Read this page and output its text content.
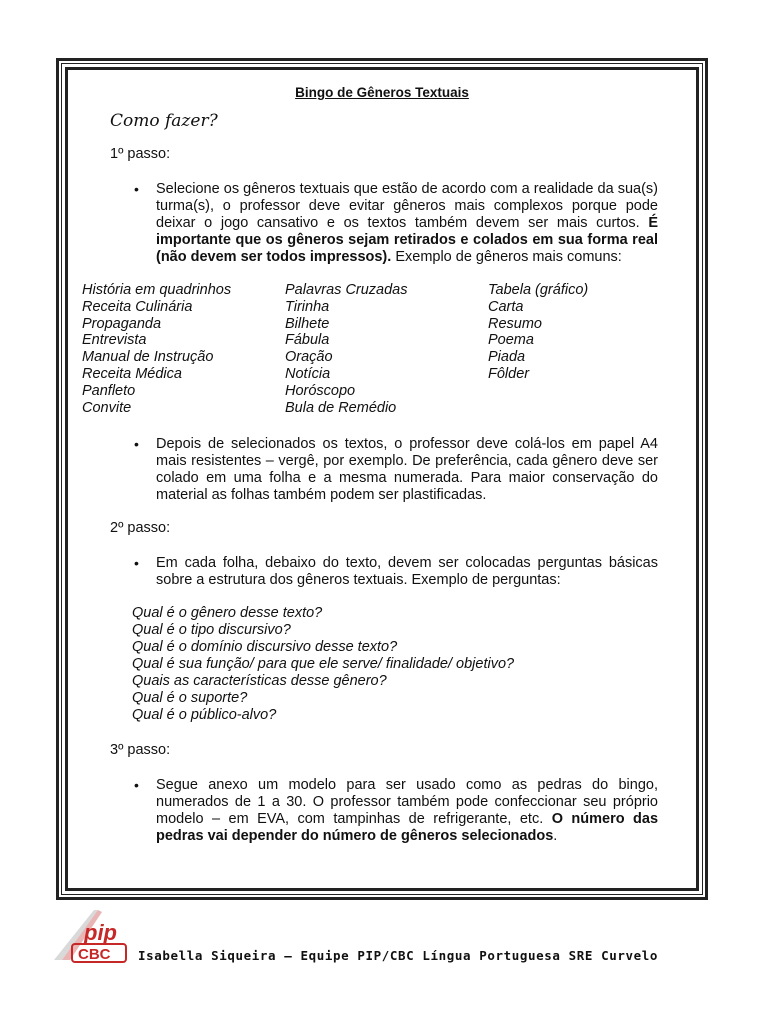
Bingo de Gêneros Textuais
Como fazer?
1º passo:
• Selecione os gêneros textuais que estão de acordo com a realidade da sua(s) turma(s), o professor deve evitar gêneros mais complexos porque pode deixar o jogo cansativo e os textos também devem ser mais curtos. É importante que os gêneros sejam retirados e colados em sua forma real (não devem ser todos impressos). Exemplo de gêneros mais comuns:
História em quadrinhos
Receita Culinária
Propaganda
Entrevista
Manual de Instrução
Receita Médica
Panfleto
Convite
Palavras Cruzadas
Tirinha
Bilhete
Fábula
Oração
Notícia
Horóscopo
Bula de Remédio
Tabela (gráfico)
Carta
Resumo
Poema
Piada
Fôlder
• Depois de selecionados os textos, o professor deve colá-los em papel A4 mais resistentes – vergê, por exemplo. De preferência, cada gênero deve ser colado em uma folha e a mesma numerada. Para maior conservação do material as folhas também podem ser plastificadas.
2º passo:
• Em cada folha, debaixo do texto, devem ser colocadas perguntas básicas sobre a estrutura dos gêneros textuais. Exemplo de perguntas:
Qual é o gênero desse texto?
Qual é o tipo discursivo?
Qual é o domínio discursivo desse texto?
Qual é sua função/ para que ele serve/ finalidade/ objetivo?
Quais as características desse gênero?
Qual é o suporte?
Qual é o público-alvo?
3º passo:
• Segue anexo um modelo para ser usado como as pedras do bingo, numerados de 1 a 30. O professor também pode confeccionar seu próprio modelo – em EVA, com tampinhas de refrigerante, etc. O número das pedras vai depender do número de gêneros selecionados.
pip
CBC Isabella Siqueira – Equipe PIP/CBC Língua Portuguesa SRE Curvelo
